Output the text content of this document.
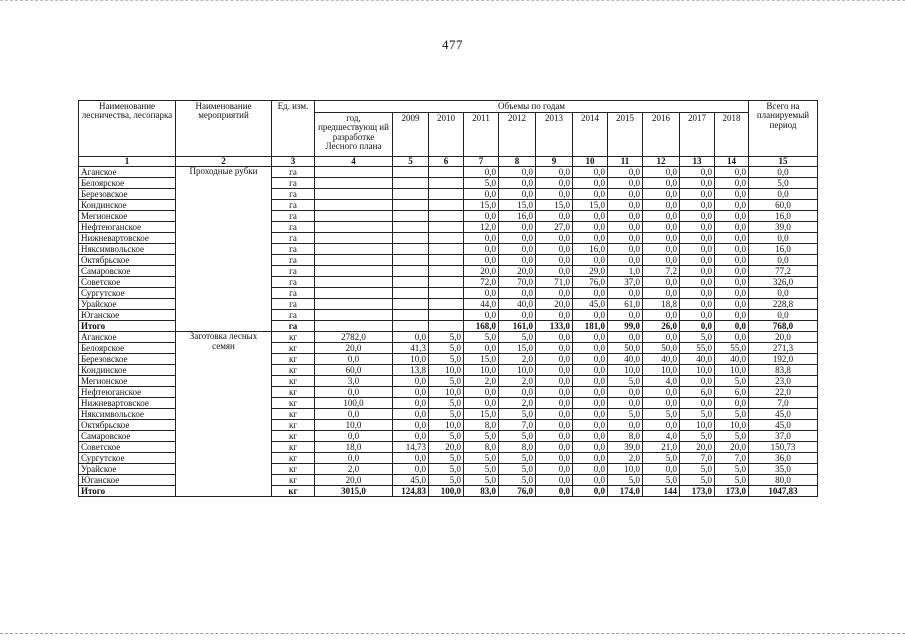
477
Наименование лесничества, лесопарка	Наименование мероприятий	Ед. изм.	Объемы по годам											Всего на планируемый период
			год, предшествующ ий разработке Лесного плана	2009	2010	2011	2012	2013	2014	2015	2016	2017	2018	
1	2	3	4	5	6	7	8	9	10	11	12	13	14	15
Аганское	Проходные рубки	га				0,0	0,0	0,0	0,0	0,0	0,0	0,0	0,0	0,0
Белоярское		га				5,0	0,0	0,0	0,0	0,0	0,0	0,0	0,0	5,0
Березовское		га				0,0	0,0	0,0	0,0	0,0	0,0	0,0	0,0	0,0
Кондинское		га				15,0	15,0	15,0	15,0	0,0	0,0	0,0	0,0	60,0
Мегионское		га				0,0	16,0	0,0	0,0	0,0	0,0	0,0	0,0	16,0
Нефтеюганское		га				12,0	0,0	27,0	0,0	0,0	0,0	0,0	0,0	39,0
Нижневартовское		га				0,0	0,0	0,0	0,0	0,0	0,0	0,0	0,0	0,0
Няксимвольское		га				0,0	0,0	0,0	16,0	0,0	0,0	0,0	0,0	16,0
Октябрьское		га				0,0	0,0	0,0	0,0	0,0	0,0	0,0	0,0	0,0
Самаровское		га				20,0	20,0	0,0	29,0	1,0	7,2	0,0	0,0	77,2
Советское		га				72,0	70,0	71,0	76,0	37,0	0,0	0,0	0,0	326,0
Сургутское		га				0,0	0,0	0,0	0,0	0,0	0,0	0,0	0,0	0,0
Урайское		га				44,0	40,0	20,0	45,0	61,0	18,8	0,0	0,0	228,8
Юганское		га				0,0	0,0	0,0	0,0	0,0	0,0	0,0	0,0	0,0
Итого		га				168,0	161,0	133,0	181,0	99,0	26,0	0,0	0,0	768,0
Аганское	Заготовка лесных семян	кг	2782,0	0,0	5,0	5,0	5,0	0,0	0,0	0,0	0,0	5,0	0,0	20,0
Белоярское		кг	20,0	41,3	5,0	0,0	15,0	0,0	0,0	50,0	50,0	55,0	55,0	271,3
Березовское		кг	0,0	10,0	5,0	15,0	2,0	0,0	0,0	40,0	40,0	40,0	40,0	192,0
Кондинское		кг	60,0	13,8	10,0	10,0	10,0	0,0	0,0	10,0	10,0	10,0	10,0	83,8
Мегионское		кг	3,0	0,0	5,0	2,0	2,0	0,0	0,0	5,0	4,0	0,0	5,0	23,0
Нефтеюганское		кг	0,0	0,0	10,0	0,0	0,0	0,0	0,0	0,0	0,0	6,0	6,0	22,0
Нижневартовское		кг	100,0	0,0	5,0	0,0	2,0	0,0	0,0	0,0	0,0	0,0	0,0	7,0
Няксимвольское		кг	0,0	0,0	5,0	15,0	5,0	0,0	0,0	5,0	5,0	5,0	5,0	45,0
Октябрьское		кг	10,0	0,0	10,0	8,0	7,0	0,0	0,0	0,0	0,0	10,0	10,0	45,0
Самаровское		кг	0,0	0,0	5,0	5,0	5,0	0,0	0,0	8,0	4,0	5,0	5,0	37,0
Советское		кг	18,0	14,73	20,0	8,0	8,0	0,0	0,0	39,0	21,0	20,0	20,0	150,73
Сургутское		кг	0,0	0,0	5,0	5,0	5,0	0,0	0,0	2,0	5,0	7,0	7,0	36,0
Урайское		кг	2,0	0,0	5,0	5,0	5,0	0,0	0,0	10,0	0,0	5,0	5,0	35,0
Юганское		кг	20,0	45,0	5,0	5,0	5,0	0,0	0,0	5,0	5,0	5,0	5,0	80,0
Итого		кг	3015,0	124,83	100,0	83,0	76,0	0,0	0,0	174,0	144	173,0	173,0	1047,83
